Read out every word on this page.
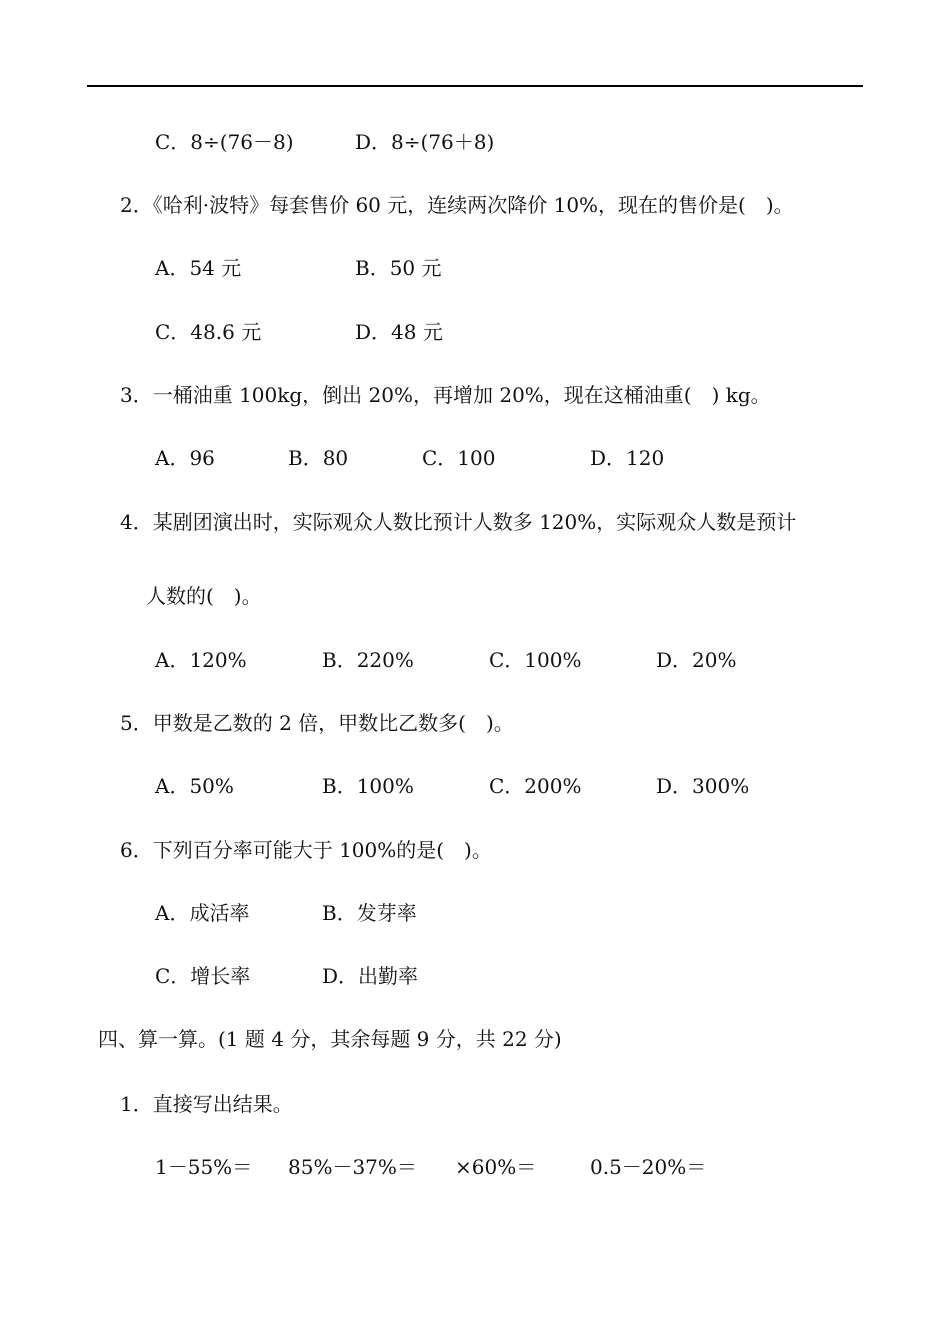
C．8÷(76－8)	D．8÷(76＋8)
2．《哈利·波特》每套售价 60 元，连续两次降价 10%，现在的售价是(　)。
A．54 元	B．50 元
C．48.6 元	D．48 元
3．一桶油重 100kg，倒出 20%，再增加 20%，现在这桶油重(　) kg。
A．96	B．80	C．100	D．120
4．某剧团演出时，实际观众人数比预计人数多 120%，实际观众人数是预计
人数的(　)。
A．120%	B．220%	C．100%	D．20%
5．甲数是乙数的 2 倍，甲数比乙数多(　)。
A．50%	B．100%	C．200%	D．300%
6．下列百分率可能大于 100%的是(　)。
A．成活率	B．发芽率
C．增长率	D．出勤率
四、算一算。(1 题 4 分，其余每题 9 分，共 22 分)
1．直接写出结果。
1－55%＝ 85%－37%＝ ×60%＝	0.5－20%＝
